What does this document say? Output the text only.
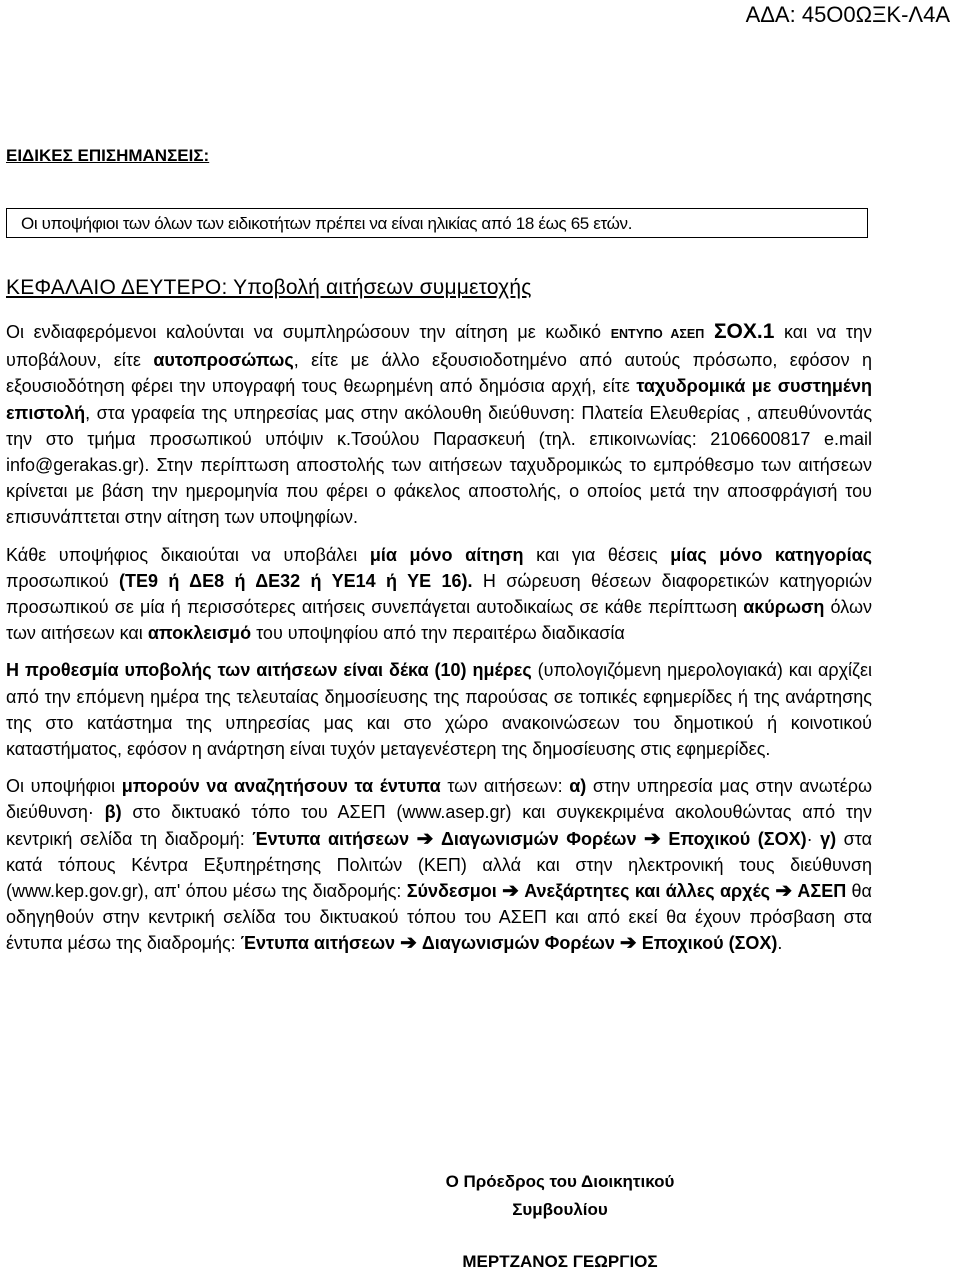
ΑΔΑ: 45Ο0ΩΞΚ-Λ4Α
ΕΙΔΙΚΕΣ ΕΠΙΣΗΜΑΝΣΕΙΣ:
Οι υποψήφιοι των όλων των ειδικοτήτων πρέπει να είναι ηλικίας από 18 έως 65 ετών.
ΚΕΦΑΛΑΙΟ ΔΕΥΤΕΡΟ: Υποβολή αιτήσεων συμμετοχής

Οι ενδιαφερόμενοι καλούνται να συμπληρώσουν την αίτηση με κωδικό ΕΝΤΥΠΟ ΑΣΕΠ ΣΟΧ.1 και να την υποβάλουν, είτε αυτοπροσώπως, είτε με άλλο εξουσιοδοτημένο από αυτούς πρόσωπο, εφόσον η εξουσιοδότηση φέρει την υπογραφή τους θεωρημένη από δημόσια αρχή, είτε ταχυδρομικά με συστημένη επιστολή, στα γραφεία της υπηρεσίας μας στην ακόλουθη διεύθυνση: Πλατεία Ελευθερίας , απευθύνοντάς την στο τμήμα προσωπικού υπόψιν κ.Τσούλου Παρασκευή (τηλ. επικοινωνίας: 2106600817 e.mail info@gerakas.gr). Στην περίπτωση αποστολής των αιτήσεων ταχυδρομικώς το εμπρόθεσμο των αιτήσεων κρίνεται με βάση την ημερομηνία που φέρει ο φάκελος αποστολής, ο οποίος μετά την αποσφράγισή του επισυνάπτεται στην αίτηση των υποψηφίων.

Κάθε υποψήφιος δικαιούται να υποβάλει μία μόνο αίτηση και για θέσεις μίας μόνο κατηγορίας προσωπικού (ΤΕ9 ή ΔΕ8 ή ΔΕ32 ή ΥΕ14 ή ΥΕ 16). Η σώρευση θέσεων διαφορετικών κατηγοριών προσωπικού σε μία ή περισσότερες αιτήσεις συνεπάγεται αυτοδικαίως σε κάθε περίπτωση ακύρωση όλων των αιτήσεων και αποκλεισμό του υποψηφίου από την περαιτέρω διαδικασία

Η προθεσμία υποβολής των αιτήσεων είναι δέκα (10) ημέρες (υπολογιζόμενη ημερολογιακά) και αρχίζει από την επόμενη ημέρα της τελευταίας δημοσίευσης της παρούσας σε τοπικές εφημερίδες ή της ανάρτησης της στο κατάστημα της υπηρεσίας μας και στο χώρο ανακοινώσεων του δημοτικού ή κοινοτικού καταστήματος, εφόσον η ανάρτηση είναι τυχόν μεταγενέστερη της δημοσίευσης στις εφημερίδες.

Οι υποψήφιοι μπορούν να αναζητήσουν τα έντυπα των αιτήσεων: α) στην υπηρεσία μας στην ανωτέρω διεύθυνση· β) στο δικτυακό τόπο του ΑΣΕΠ (www.asep.gr) και συγκεκριμένα ακολουθώντας από την κεντρική σελίδα τη διαδρομή: Έντυπα αιτήσεων ➔ Διαγωνισμών Φορέων ➔ Εποχικού (ΣΟΧ)· γ) στα κατά τόπους Κέντρα Εξυπηρέτησης Πολιτών (ΚΕΠ) αλλά και στην ηλεκτρονική τους διεύθυνση (www.kep.gov.gr), απ' όπου μέσω της διαδρομής: Σύνδεσμοι ➔ Ανεξάρτητες και άλλες αρχές ➔ ΑΣΕΠ θα οδηγηθούν στην κεντρική σελίδα του δικτυακού τόπου του ΑΣΕΠ και από εκεί θα έχουν πρόσβαση στα έντυπα μέσω της διαδρομής: Έντυπα αιτήσεων ➔ Διαγωνισμών Φορέων ➔ Εποχικού (ΣΟΧ).

Ο Πρόεδρος του Διοικητικού
Συμβουλίου
ΜΕΡΤΖΑΝΟΣ ΓΕΩΡΓΙΟΣ
